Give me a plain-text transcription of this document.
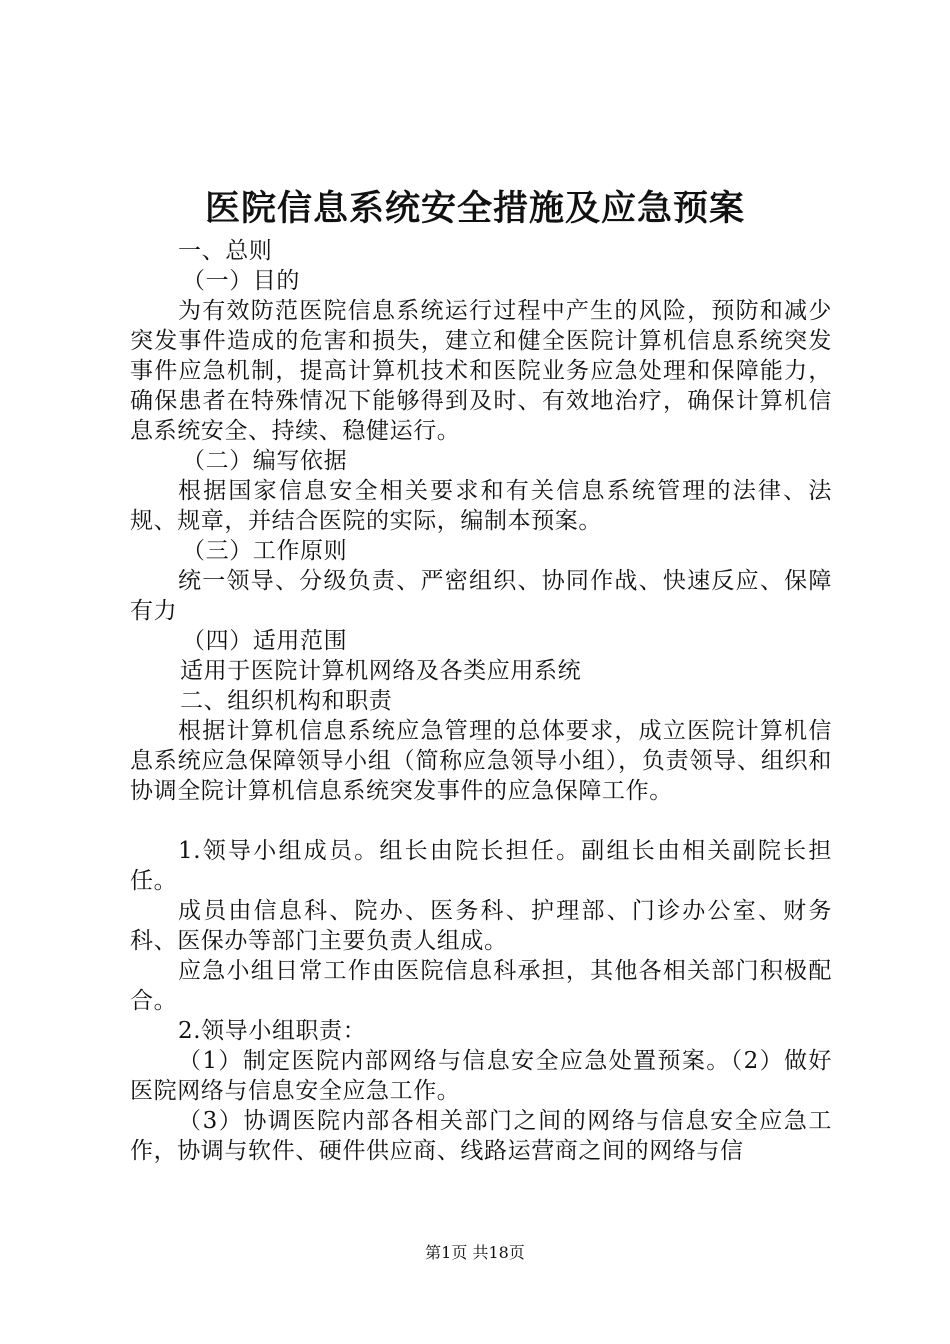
医院信息系统安全措施及应急预案

一、总则

（一）目的

为有效防范医院信息系统运行过程中产生的风险，预防和减少突发事件造成的危害和损失，建立和健全医院计算机信息系统突发事件应急机制，提高计算机技术和医院业务应急处理和保障能力，确保患者在特殊情况下能够得到及时、有效地治疗，确保计算机信息系统安全、持续、稳健运行。

（二）编写依据

根据国家信息安全相关要求和有关信息系统管理的法律、法规、规章，并结合医院的实际，编制本预案。

（三）工作原则

统一领导、分级负责、严密组织、协同作战、快速反应、保障有力

（四）适用范围

适用于医院计算机网络及各类应用系统

二、组织机构和职责

根据计算机信息系统应急管理的总体要求，成立医院计算机信息系统应急保障领导小组（简称应急领导小组），负责领导、组织和协调全院计算机信息系统突发事件的应急保障工作。

1.领导小组成员。组长由院长担任。副组长由相关副院长担任。

成员由信息科、院办、医务科、护理部、门诊办公室、财务科、医保办等部门主要负责人组成。

应急小组日常工作由医院信息科承担，其他各相关部门积极配合。

2.领导小组职责：

（1）制定医院内部网络与信息安全应急处置预案。（2）做好医院网络与信息安全应急工作。

（3）协调医院内部各相关部门之间的网络与信息安全应急工作，协调与软件、硬件供应商、线路运营商之间的网络与信

第1页 共18页
